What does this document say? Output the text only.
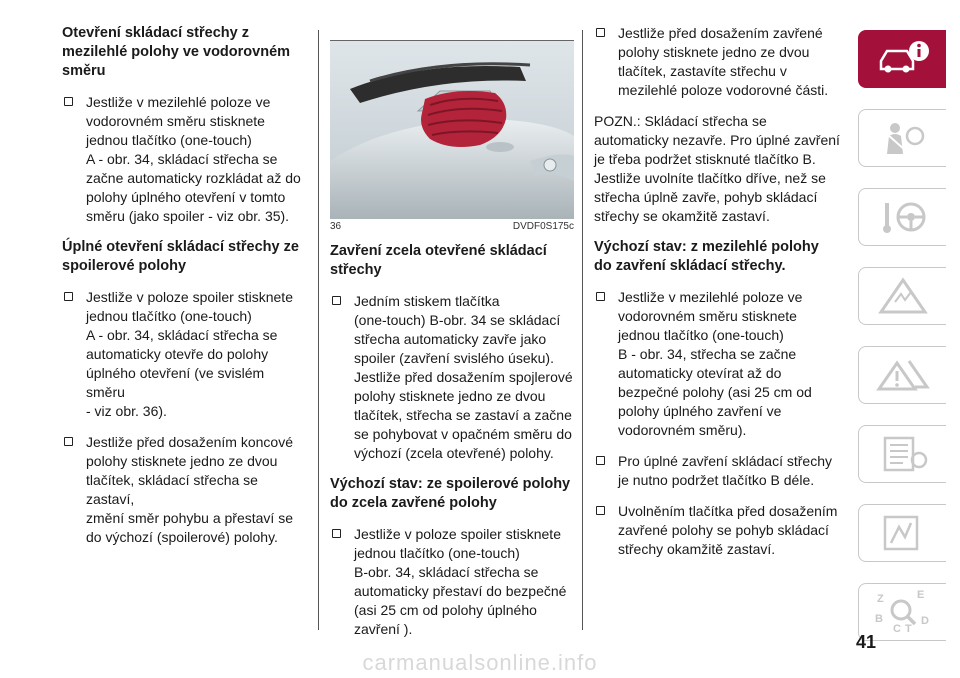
Otevření skládací střechy z
mezilehlé polohy ve vodorovném
směru
Jestliže v mezilehlé poloze ve
vodorovném směru stisknete
jednou tlačítko (one-touch)
A - obr. 34, skládací střecha se
začne automaticky rozkládat až do
polohy úplného otevření v tomto
směru (jako spoiler - viz obr. 35).
Úplné otevření skládací střechy ze
spoilerové polohy
Jestliže v poloze spoiler stisknete
jednou tlačítko (one-touch)
A - obr. 34, skládací střecha se
automaticky otevře do polohy
úplného otevření (ve svislém směru
- viz obr. 36).
Jestliže před dosažením koncové
polohy stisknete jedno ze dvou
tlačítek, skládací střecha se zastaví,
změní směr pohybu a přestaví se
do výchozí (spoilerové) polohy.
36	DVDF0S175c
Zavření zcela otevřené skládací
střechy
Jedním stiskem tlačítka
(one-touch) B-obr. 34 se skládací
střecha automaticky zavře jako
spoiler (zavření svislého úseku).
Jestliže před dosažením spojlerové
polohy stisknete jedno ze dvou
tlačítek, střecha se zastaví a začne
se pohybovat v opačném směru do
výchozí (zcela otevřené) polohy.
Výchozí stav: ze spoilerové polohy
do zcela zavřené polohy
Jestliže v poloze spoiler stisknete
jednou tlačítko (one-touch)
B-obr. 34, skládací střecha se
automaticky přestaví do bezpečné
(asi 25 cm od polohy úplného
zavření ).
Jestliže před dosažením zavřené
polohy stisknete jedno ze dvou
tlačítek, zastavíte střechu v
mezilehlé poloze vodorovné části.
POZN.: Skládací střecha se
automaticky nezavře. Pro úplné zavření
je třeba podržet stisknuté tlačítko B.
Jestliže uvolníte tlačítko dříve, než se
střecha úplně zavře, pohyb skládací
střechy se okamžitě zastaví.
Výchozí stav: z mezilehlé polohy
do zavření skládací střechy.
Jestliže v mezilehlé poloze ve
vodorovném směru stisknete
jednou tlačítko (one-touch)
B - obr. 34, střecha se začne
automaticky otevírat až do
bezpečné polohy (asi 25 cm od
polohy úplného zavření ve
vodorovném směru).
Pro úplné zavření skládací střechy
je nutno podržet tlačítko B déle.
Uvolněním tlačítka před dosažením
zavřené polohy se pohyb skládací
střechy okamžitě zastaví.
Z	E
B
C T
D
41
carmanualsonline.info
